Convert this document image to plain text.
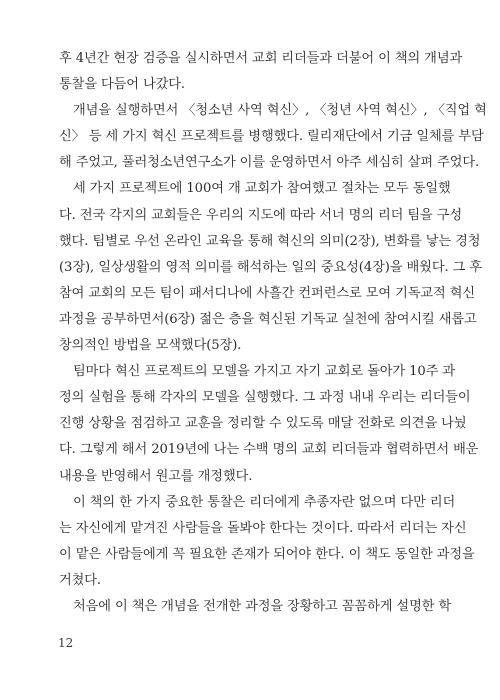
후 4년간 현장 검증을 실시하면서 교회 리더들과 더불어 이 책의 개념과
통찰을 다듬어 나갔다.
개념을 실행하면서 〈청소년 사역 혁신〉, 〈청년 사역 혁신〉, 〈직업 혁
신〉 등 세 가지 혁신 프로젝트를 병행했다. 릴리재단에서 기금 일체를 부담
해 주었고, 풀러청소년연구소가 이를 운영하면서 아주 세심히 살펴 주었다.
세 가지 프로젝트에 100여 개 교회가 참여했고 절차는 모두 동일했
다. 전국 각지의 교회들은 우리의 지도에 따라 서너 명의 리더 팀을 구성
했다. 팀별로 우선 온라인 교육을 통해 혁신의 의미(2장), 변화를 낳는 경청
(3장), 일상생활의 영적 의미를 해석하는 일의 중요성(4장)을 배웠다. 그 후
참여 교회의 모든 팀이 패서디나에 사흘간 컨퍼런스로 모여 기독교적 혁신
과정을 공부하면서(6장) 젊은 층을 혁신된 기독교 실천에 참여시킬 새롭고
창의적인 방법을 모색했다(5장).
팀마다 혁신 프로젝트의 모델을 가지고 자기 교회로 돌아가 10주 과
정의 실험을 통해 각자의 모델을 실행했다. 그 과정 내내 우리는 리더들이
진행 상황을 점검하고 교훈을 정리할 수 있도록 매달 전화로 의견을 나눴
다. 그렇게 해서 2019년에 나는 수백 명의 교회 리더들과 협력하면서 배운
내용을 반영해서 원고를 개정했다.
이 책의 한 가지 중요한 통찰은 리더에게 추종자란 없으며 다만 리더
는 자신에게 맡겨진 사람들을 돌봐야 한다는 것이다. 따라서 리더는 자신
이 맡은 사람들에게 꼭 필요한 존재가 되어야 한다. 이 책도 동일한 과정을
거쳤다.
처음에 이 책은 개념을 전개한 과정을 장황하고 꼼꼼하게 설명한 학
12
